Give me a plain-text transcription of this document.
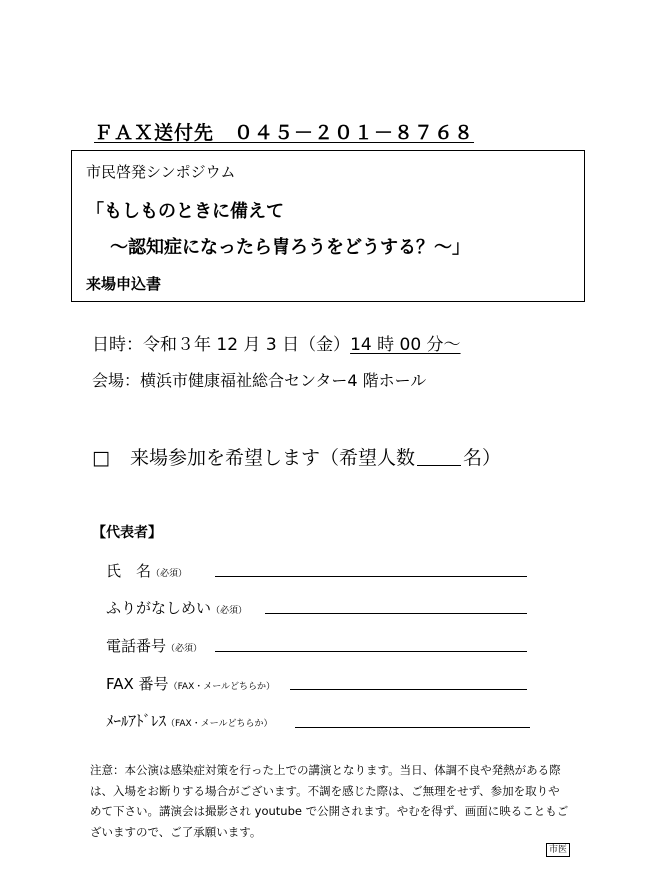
ＦＡＸ送付先　０４５－２０１－８７６８
市民啓発シンポジウム
「もしものときに備えて
～認知症になったら冑ろうをどうする？～」
来場申込書
日時：令和３年 12 月 3 日（金）14 時 00 分～
会場：横浜市健康福祉総合センター4 階ホール
□ 来場参加を希望します（希望人数	名）
【代表者】
氏　名（必須）
ふりがなしめい（必須）
電話番号（必須）
FAX 番号（FAX・メールどちらか）
ﾒｰﾙｱﾄﾞﾚｽ（FAX・メールどちらか）
注意：本公演は感染症対策を行った上での講演となります。当日、体調不良や発熱がある際は、入場をお断りする場合がございます。不調を感じた際は、ご無理をせず、参加を取りやめて下さい。講演会は撮影され youtube で公開されます。やむを得ず、画面に映ることもございますので、ご了承願います。
市医
